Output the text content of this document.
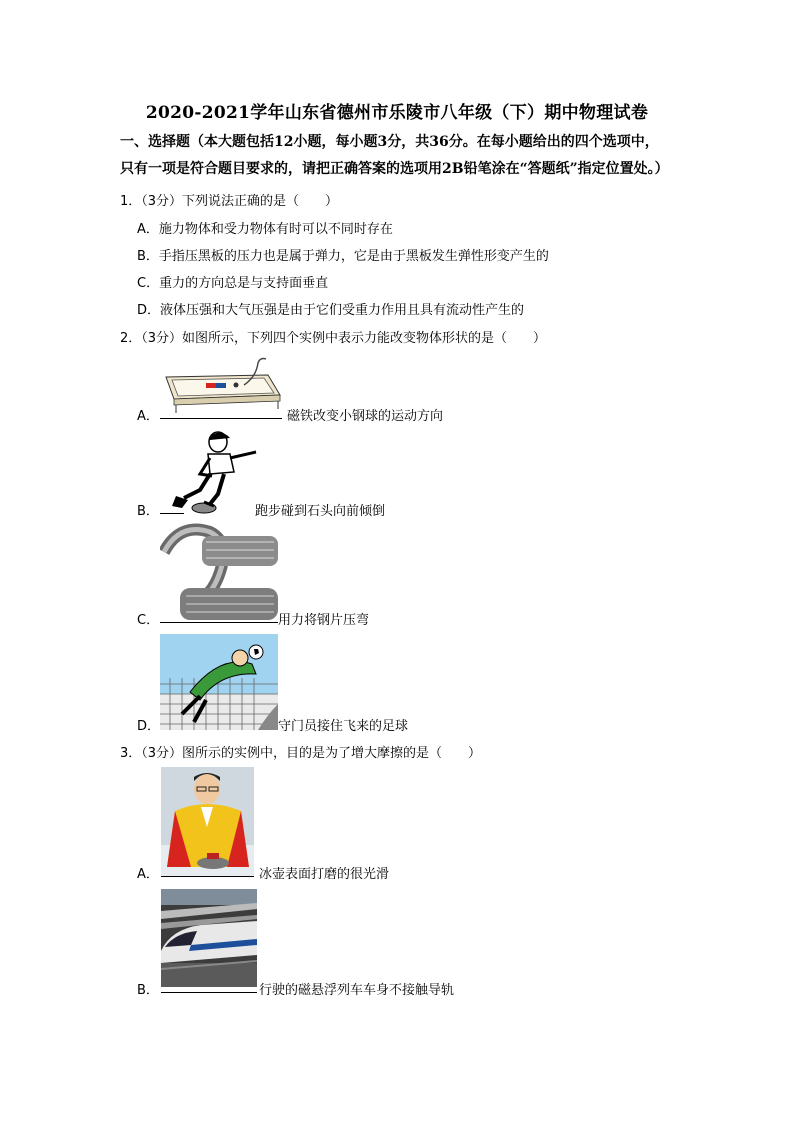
2020-2021学年山东省德州市乐陵市八年级（下）期中物理试卷
一、选择题（本大题包括12小题，每小题3分，共36分。在每小题给出的四个选项中，
只有一项是符合题目要求的，请把正确答案的选项用2B铅笔涂在“答题纸”指定位置处。）
1．（3分）下列说法正确的是（　　）
A．施力物体和受力物体有时可以不同时存在
B．手指压黑板的压力也是属于弹力，它是由于黑板发生弹性形变产生的
C．重力的方向总是与支持面垂直
D．液体压强和大气压强是由于它们受重力作用且具有流动性产生的
2．（3分）如图所示，下列四个实例中表示力能改变物体形状的是（　　）
A．	磁铁改变小钢球的运动方向
B．	跑步碰到石头向前倾倒
C．	用力将钢片压弯
D．	守门员接住飞来的足球
3．（3分）图所示的实例中，目的是为了增大摩擦的是（　　）
A．	冰壶表面打磨的很光滑
B．	行驶的磁悬浮列车车身不接触导轨
